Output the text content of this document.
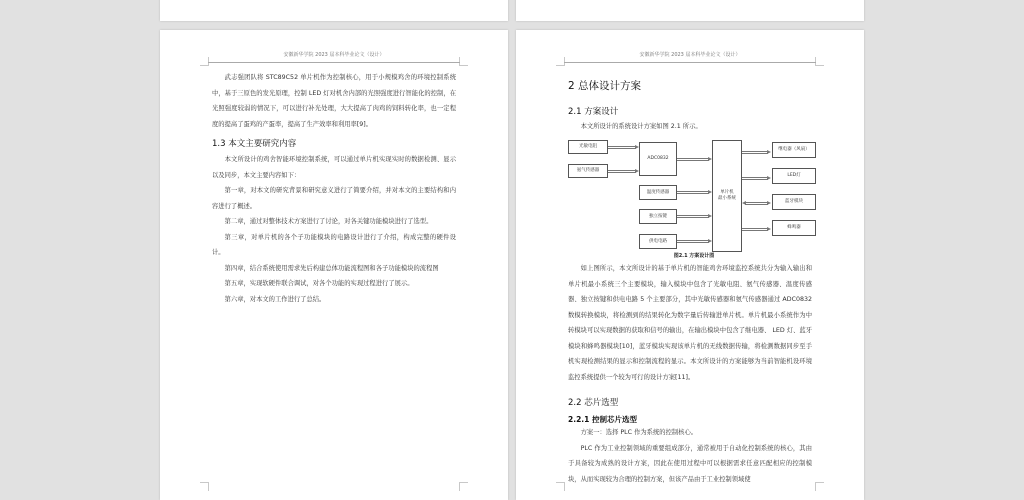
安徽新华学院 2023 届本科毕业论文（设计）

武志强团队将 STC89C52 单片机作为控制核心，用于小规模鸡舍的环境控制系统中，基于三原色的发光原理，控制 LED 灯对机舍内部的光照强度进行智能化的控制，在光照强度较弱的情况下，可以进行补光处理，大大提高了肉鸡的饲料转化率，也一定程度的提高了蛋鸡的产蛋率，提高了生产效率和利用率[9]。

1.3 本文主要研究内容

本文所设计的鸡舍智能环境控制系统，可以通过单片机实现实时的数据检测、显示以及同步，本文主要内容如下：

第一章，对本文的研究背景和研究意义进行了简要介绍，并对本文的主要结构和内容进行了概述。

第二章，通过对整体技术方案进行了讨论，对各关键功能模块进行了选型。

第三章，对单片机的各个子功能模块的电路设计进行了介绍，构成完整的硬件设计。

第四章，结合系统使用需求先后构建总体功能流程图和各子功能模块的流程图

第五章，实现软硬件联合调试，对各个功能的实现过程进行了展示。

第六章，对本文的工作进行了总结。

安徽新华学院 2023 届本科毕业论文（设计）
2 总体设计方案
2.1 方案设计

本文所设计的系统设计方案如图 2.1 所示。

光敏电阻
氨气传感器
ADC0832
温度传感器
独立按键
供电电路
单片机
最小系统
继电器（风扇）
LED灯
蓝牙模块
蜂鸣器
图2.1 方案设计图

如上图所示，本文所设计的基于单片机的智能鸡舍环境监控系统共分为输入输出和单片机最小系统三个主要模块，输入模块中包含了光敏电阻、氨气传感器、温度传感器、独立按键和供电电路 5 个主要部分，其中光敏传感器和氨气传感器通过 ADC0832 数模转换模块，将检测到的结果转化为数字量后传输进单片机。单片机最小系统作为中转模块可以实现数据的获取和信号的输出，在输出模块中包含了继电器、 LED 灯、蓝牙模块和蜂鸣器模块[10]，蓝牙模块实现该单片机的无线数据传输，将检测数据同步至手机实现检测结果的显示和控制流程的显示。本文所设计的方案能够为当前智能机设环境监控系统提供一个较为可行的设计方案[11]。

2.2 芯片选型
2.2.1 控制芯片选型

方案一：选择 PLC 作为系统的控制核心。

PLC 作为工业控制领域的重要组成部分，通常被用于自动化控制系统的核心，其由于具备较为成熟的设计方案，因此在使用过程中可以根据需求任意匹配相应的控制模块，从而实现较为合理的控制方案，但该产品由于工业控制领域使
